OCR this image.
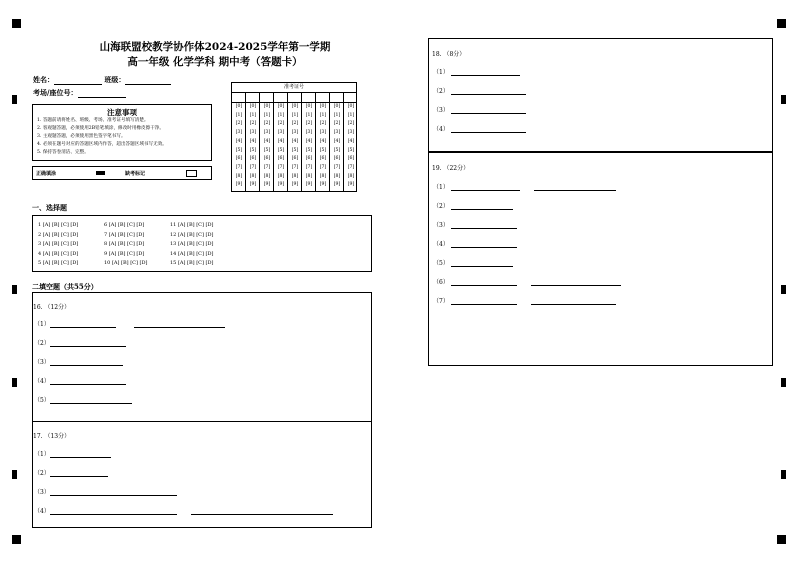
山海联盟校教学协作体2024-2025学年第一学期
高一年级 化学学科 期中考（答题卡）
姓名：	班级：
考场/座位号：
注意事项
1. 答题前请将姓名、班级、考场、准考证号填写清楚。
2. 客观题答题，必须使用2B铅笔填涂，修改时用橡皮擦干净。
3. 主观题答题，必须使用黑色签字笔书写。
4. 必须在题号对应的答题区域内作答，超出答题区域书写无效。
5. 保持答卷清洁、完整。
正确填涂	缺考标记
准考证号
[0]
[1]
[2]
[3]
[4]
[5]
[6]
[7]
[8]
[9]
[0]
[1]
[2]
[3]
[4]
[5]
[6]
[7]
[8]
[9]
[0]
[1]
[2]
[3]
[4]
[5]
[6]
[7]
[8]
[9]
[0]
[1]
[2]
[3]
[4]
[5]
[6]
[7]
[8]
[9]
[0]
[1]
[2]
[3]
[4]
[5]
[6]
[7]
[8]
[9]
[0]
[1]
[2]
[3]
[4]
[5]
[6]
[7]
[8]
[9]
[0]
[1]
[2]
[3]
[4]
[5]
[6]
[7]
[8]
[9]
[0]
[1]
[2]
[3]
[4]
[5]
[6]
[7]
[8]
[9]
[0]
[1]
[2]
[3]
[4]
[5]
[6]
[7]
[8]
[9]
一、选择题
1 [A] [B] [C] [D]
2 [A] [B] [C] [D]
3 [A] [B] [C] [D]
4 [A] [B] [C] [D]
5 [A] [B] [C] [D]
6 [A] [B] [C] [D]
7 [A] [B] [C] [D]
8 [A] [B] [C] [D]
9 [A] [B] [C] [D]
10 [A] [B] [C] [D]
11 [A] [B] [C] [D]
12 [A] [B] [C] [D]
13 [A] [B] [C] [D]
14 [A] [B] [C] [D]
15 [A] [B] [C] [D]
二填空题（共55分）
16. （12分）
17. （13分）
18. （8分）
19. （22分）
（1）
（2）
（3）
（4）
（5）
（1）
（2）
（3）
（4）
（1）
（2）
（3）
（4）
（1）
（2）
（3）
（4）
（5）
（6）
（7）
